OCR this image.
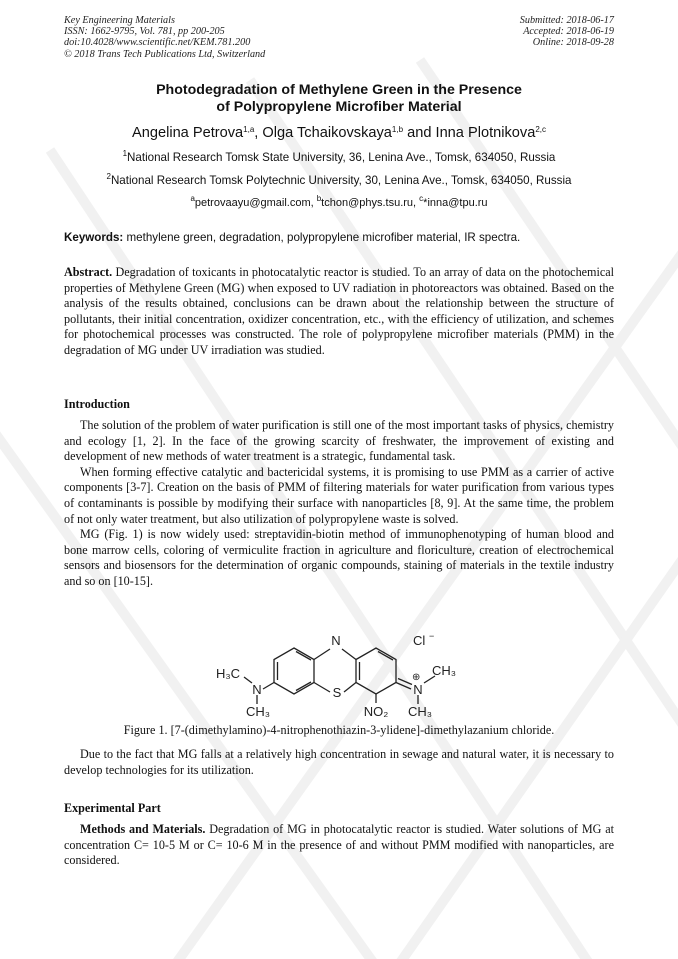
Key Engineering Materials
ISSN: 1662-9795, Vol. 781, pp 200-205
doi:10.4028/www.scientific.net/KEM.781.200
© 2018 Trans Tech Publications Ltd, Switzerland
Submitted: 2018-06-17
Accepted: 2018-06-19
Online: 2018-09-28
Photodegradation of Methylene Green in the Presence
of Polypropylene Microfiber Material
Angelina Petrova$^{1,a}$, Olga Tchaikovskaya$^{1,b}$ and Inna Plotnikova$^{2,c}$
$^1$National Research Tomsk State University, 36, Lenina Ave., Tomsk, 634050, Russia
$^2$National Research Tomsk Polytechnic University, 30, Lenina Ave., Tomsk, 634050, Russia
$^a$petrovaayu@gmail.com, $^b$tchon@phys.tsu.ru, $^c$*inna@tpu.ru
Keywords: methylene green, degradation, polypropylene microfiber material, IR spectra.

Abstract. Degradation of toxicants in photocatalytic reactor is studied. To an array of data on the photochemical properties of Methylene Green (MG) when exposed to UV radiation in photoreactors was obtained. Based on the analysis of the results obtained, conclusions can be drawn about the relationship between the structure of pollutants, their initial concentration, oxidizer concentration, etc., with the efficiency of utilization, and schemes for photochemical processes was constructed. The role of polypropylene microfiber materials (PMM) in the degradation of MG under UV irradiation was studied.

Introduction

The solution of the problem of water purification is still one of the most important tasks of physics, chemistry and ecology [1, 2]. In the face of the growing scarcity of freshwater, the improvement of existing and development of new methods of water treatment is a strategic, fundamental task.

When forming effective catalytic and bactericidal systems, it is promising to use PMM as a carrier of active components [3-7]. Creation on the basis of PMM of filtering materials for water purification from various types of contaminants is possible by modifying their surface with nanoparticles [8, 9]. At the same time, the problem of not only water treatment, but also utilization of polypropylene waste is solved.

MG (Fig. 1) is now widely used: streptavidin-biotin method of immunophenotyping of human blood and bone marrow cells, coloring of vermiculite fraction in agriculture and floriculture, creation of electrochemical sensors and biosensors for the determination of organic compounds, staining of materials in the textile industry and so on [10-15].

N
S
Cl −
H₃C
N
CH₃
N
⊕ CH₃
CH₃
NO₂
Figure 1. [7-(dimethylamino)-4-nitrophenothiazin-3-ylidene]-dimethylazanium chloride.

Due to the fact that MG falls at a relatively high concentration in sewage and natural water, it is necessary to develop technologies for its utilization.

Experimental Part

Methods and Materials. Degradation of MG in photocatalytic reactor is studied. Water solutions of MG at concentration C= 10-5 M or C= 10-6 M in the presence of and without PMM modified with nanoparticles, are considered.
